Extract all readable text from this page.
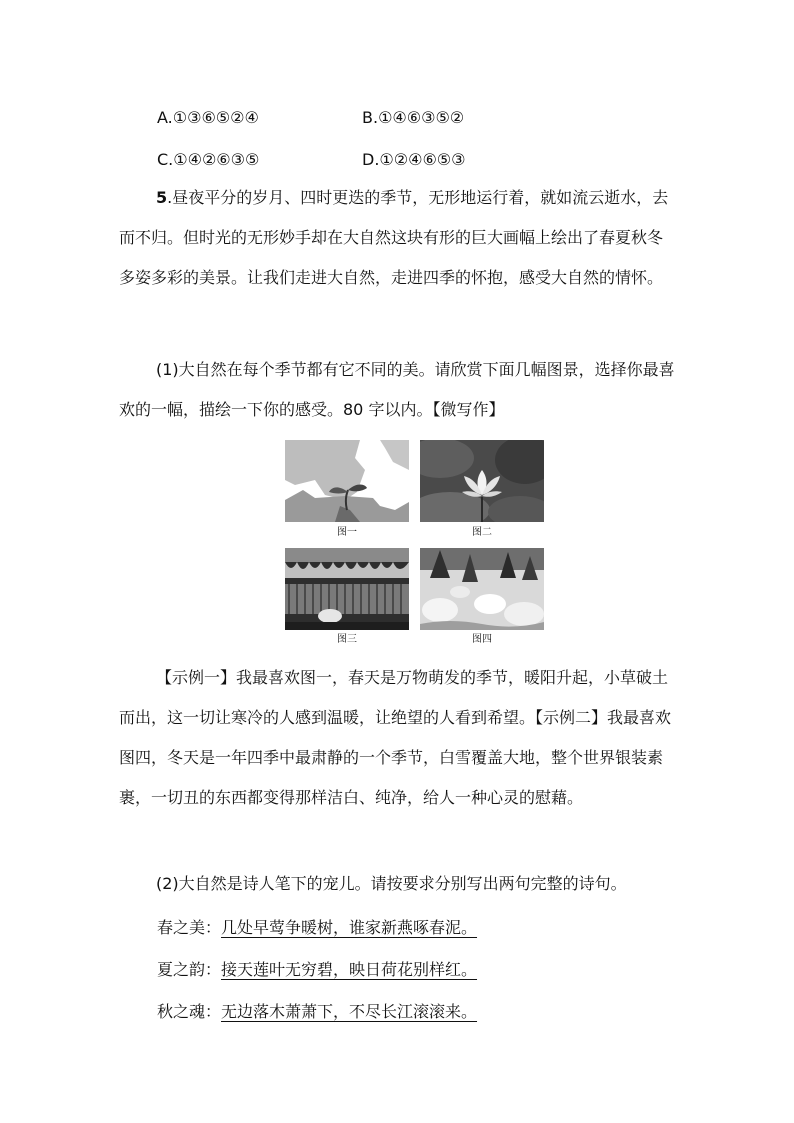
A.①③⑥⑤②④	B.①④⑥③⑤②
C.①④②⑥③⑤	D.①②④⑥⑤③
5.昼夜平分的岁月、四时更迭的季节，无形地运行着，就如流云逝水，去而不归。但时光的无形妙手却在大自然这块有形的巨大画幅上绘出了春夏秋冬多姿多彩的美景。让我们走进大自然，走进四季的怀抱，感受大自然的情怀。
(1)大自然在每个季节都有它不同的美。请欣赏下面几幅图景，选择你最喜欢的一幅，描绘一下你的感受。80 字以内。【微写作】
图一	图二
图三	图四
【示例一】我最喜欢图一，春天是万物萌发的季节，暖阳升起，小草破土而出，这一切让寒冷的人感到温暖，让绝望的人看到希望。【示例二】我最喜欢图四，冬天是一年四季中最肃静的一个季节，白雪覆盖大地，整个世界银装素裹，一切丑的东西都变得那样洁白、纯净，给人一种心灵的慰藉。
(2)大自然是诗人笔下的宠儿。请按要求分别写出两句完整的诗句。
春之美：几处早莺争暖树，谁家新燕啄春泥。
夏之韵：接天莲叶无穷碧，映日荷花别样红。
秋之魂：无边落木萧萧下，不尽长江滚滚来。
